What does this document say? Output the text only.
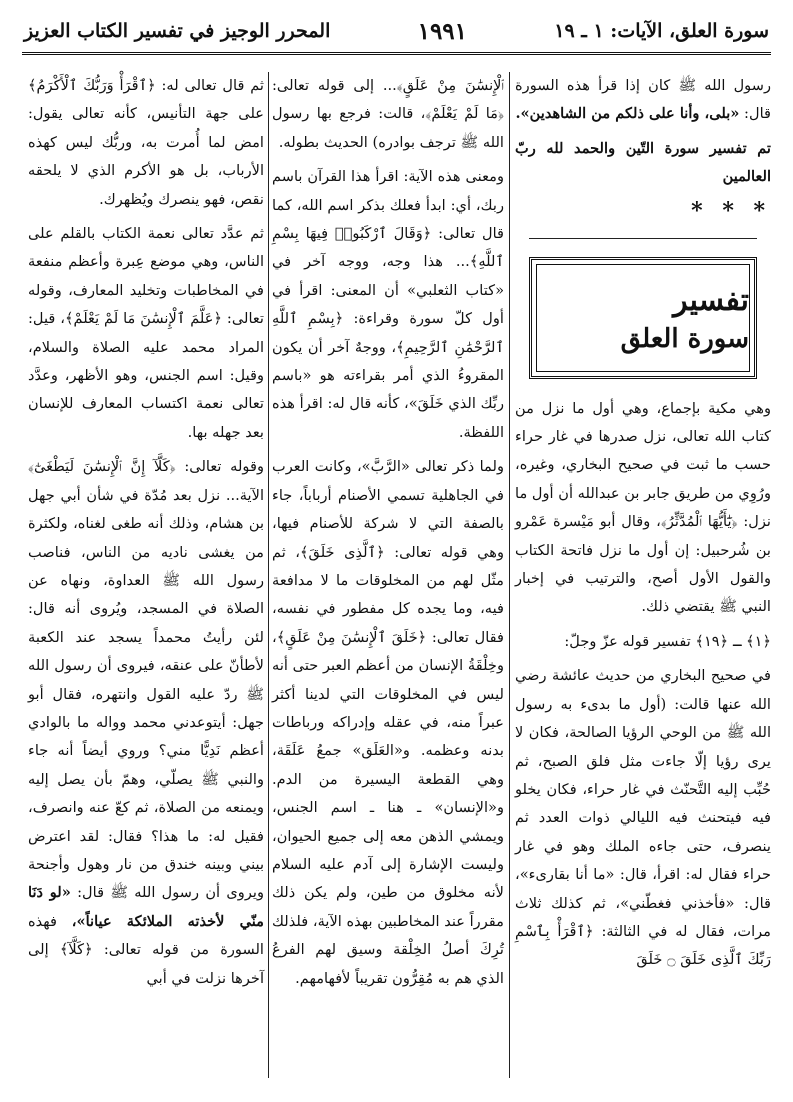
سورة العلق، الآيات: ١ ـ ١٩
١٩٩١
المحرر الوجيز في تفسير الكتاب العزيز

رسول الله ﷺ كان إذا قرأ هذه السورة قال: «بلى، وأنا على ذلكم من الشاهدين».

تم تفسير سورة التّين والحمد لله ربّ العالمين

* * *
تفسير
سورة العلق

وهي مكية بإجماع، وهي أول ما نزل من كتاب الله تعالى، نزل صدرها في غار حراء حسب ما ثبت في صحيح البخاري، وغيره، ورُوِي من طريق جابر بن عبدالله أن أول ما نزل: ﴿يَٰٓأَيُّهَا ٱلْمُدَّثِّرُ﴾، وقال أبو مَيْسرة عَمْرو بن شُرحبيل: إن أول ما نزل فاتحة الكتاب والقول الأول أصح، والترتيب في إخبار النبي ﷺ يقتضي ذلك.

﴿١﴾ ـ ﴿١٩﴾ تفسير قوله عزّ وجلّ:

في صحيح البخاري من حديث عائشة رضي الله عنها قالت: (أول ما بدىء به رسول الله ﷺ من الوحي الرؤيا الصالحة، فكان لا يرى رؤيا إلّا جاءت مثل فلق الصبح، ثم حُبِّب إليه التَّحنّث في غار حراء، فكان يخلو فيه فيتحنث فيه الليالي ذوات العدد ثم ينصرف، حتى جاءه الملك وهو في غار حراء فقال له: اقرأ، قال: «ما أنا بقارىء»، قال: «فأخذني فغطّني»، ثم كذلك ثلاث مرات، فقال له في الثالثة: ﴿ٱقْرَأْ بِٱسْمِ رَبِّكَ ٱلَّذِى خَلَقَ ۝ خَلَقَ

ٱلْإِنسَٰنَ مِنْ عَلَقٍ﴾... إلى قوله تعالى: ﴿مَا لَمْ يَعْلَمْ﴾، قالت: فرجع بها رسول الله ﷺ ترجف بوادره) الحديث بطوله.

ومعنى هذه الآية: اقرأ هذا القرآن باسم ربك، أي: ابدأ فعلك بذكر اسم الله، كما قال تعالى: ﴿وَقَالَ ٱرْكَبُوا۟ فِيهَا بِسْمِ ٱللَّهِ﴾... هذا وجه، ووجه آخر في «كتاب الثعلبي» أن المعنى: اقرأ في أول كلّ سورة وقراءة: ﴿بِسْمِ ٱللَّهِ ٱلرَّحْمَٰنِ ٱلرَّحِيمِ﴾، ووجهٌ آخر أن يكون المقروءُ الذي أمر بقراءته هو «باسم ربِّك الذي خَلَقَ»، كأنه قال له: اقرأ هذه اللفظة.

ولما ذكر تعالى «الرَّبَّ»، وكانت العرب في الجاهلية تسمي الأصنام أرباباً، جاء بالصفة التي لا شركة للأصنام فيها، وهي قوله تعالى: ﴿ٱلَّذِى خَلَقَ﴾، ثم مثّل لهم من المخلوقات ما لا مدافعة فيه، وما يجده كل مفطور في نفسه، فقال تعالى: ﴿خَلَقَ ٱلْإِنسَٰنَ مِنْ عَلَقٍ﴾، وخِلْقَةُ الإنسان من أعظم العبر حتى أنه ليس في المخلوقات التي لدينا أكثر عبراً منه، في عقله وإدراكه ورباطات بدنه وعظمه. و«العَلَق» جمعُ عَلَقَة، وهي القطعة اليسيرة من الدم. و«الإنسان» ـ هنا ـ اسم الجنس، ويمشي الذهن معه إلى جميع الحيوان، وليست الإشارة إلى آدم عليه السلام لأنه مخلوق من طين، ولم يكن ذلك مقرراً عند المخاطبين بهذه الآية، فلذلك تُرِكَ أصلُ الخِلْقة وسيق لهم الفرعُ الذي هم به مُقِرُّون تقريباً لأفهامهم.

ثم قال تعالى له: ﴿ٱقْرَأْ وَرَبُّكَ ٱلْأَكْرَمُ﴾ على جهة التأنيس، كأنه تعالى يقول: امض لما أُمرت به، وربُّك ليس كهذه الأرباب، بل هو الأكرم الذي لا يلحقه نقص، فهو ينصرك ويُظهرك.

ثم عدَّد تعالى نعمة الكتاب بالقلم على الناس، وهي موضع عِبرة وأعظم منفعة في المخاطبات وتخليد المعارف، وقوله تعالى: ﴿عَلَّمَ ٱلْإِنسَٰنَ مَا لَمْ يَعْلَمْ﴾، قيل: المراد محمد عليه الصلاة والسلام، وقيل: اسم الجنس، وهو الأظهر، وعدَّد تعالى نعمة اكتساب المعارف للإنسان بعد جهله بها.

وقوله تعالى: ﴿كَلَّآ إِنَّ ٱلْإِنسَٰنَ لَيَطْغَىٰٓ﴾ الآية... نزل بعد مُدّة في شأن أبي جهل بن هشام، وذلك أنه طغى لغناه، ولكثرة من يغشى ناديه من الناس، فناصب رسول الله ﷺ العداوة، ونهاه عن الصلاة في المسجد، ويُروى أنه قال: لئن رأيتُ محمداً يسجد عند الكعبة لأطأنّ على عنقه، فيروى أن رسول الله ﷺ ردّ عليه القول وانتهره، فقال أبو جهل: أيتوعدني محمد وواله ما بالوادي أعظم نَدِيًّا مني؟ وروي أيضاً أنه جاء والنبي ﷺ يصلّي، وهمّ بأن يصل إليه ويمنعه من الصلاة، ثم كعّ عنه وانصرف، فقيل له: ما هذا؟ فقال: لقد اعترض بيني وبينه خندق من نار وهول وأجنحة ويروى أن رسول الله ﷺ قال: «لو دَنَا منّي لأخذته الملائكة عياناً»، فهذه السورة من قوله تعالى: ﴿كَلَّآ﴾ إلى آخرها نزلت في أبي
